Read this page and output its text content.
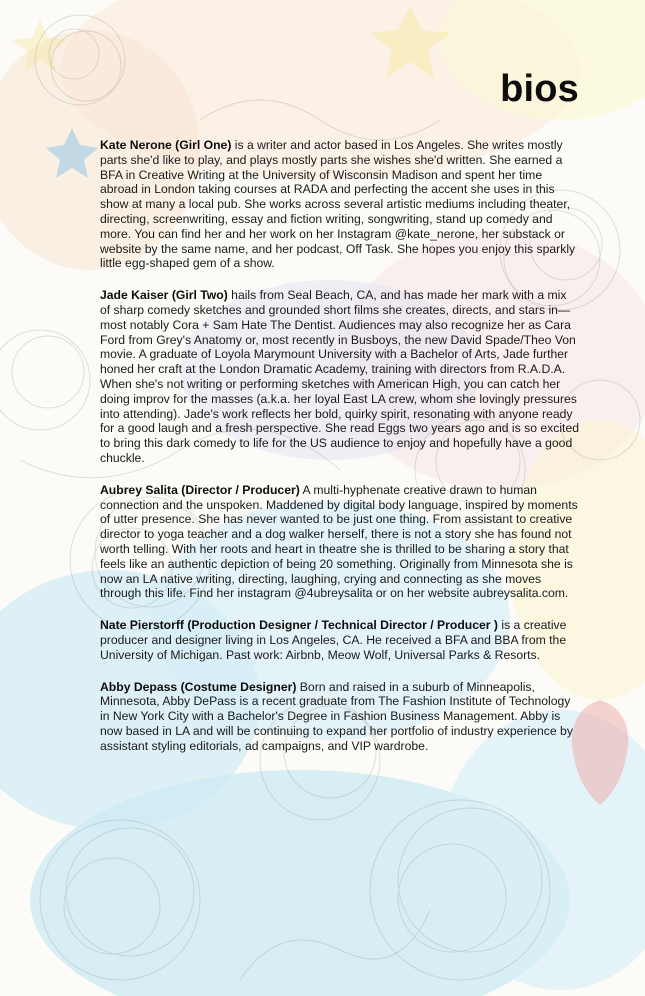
bios

Kate Nerone (Girl One) is a writer and actor based in Los Angeles. She writes mostly parts she'd like to play, and plays mostly parts she wishes she'd written. She earned a BFA in Creative Writing at the University of Wisconsin Madison and spent her time abroad in London taking courses at RADA and perfecting the accent she uses in this show at many a local pub. She works across several artistic mediums including theater, directing, screenwriting, essay and fiction writing, songwriting, stand up comedy and more. You can find her and her work on her Instagram @kate_nerone, her substack or website by the same name, and her podcast, Off Task. She hopes you enjoy this sparkly little egg-shaped gem of a show.

Jade Kaiser (Girl Two) hails from Seal Beach, CA, and has made her mark with a mix of sharp comedy sketches and grounded short films she creates, directs, and stars in—most notably Cora + Sam Hate The Dentist. Audiences may also recognize her as Cara Ford from Grey's Anatomy or, most recently in Busboys, the new David Spade/Theo Von movie. A graduate of Loyola Marymount University with a Bachelor of Arts, Jade further honed her craft at the London Dramatic Academy, training with directors from R.A.D.A. When she's not writing or performing sketches with American High, you can catch her doing improv for the masses (a.k.a. her loyal East LA crew, whom she lovingly pressures into attending). Jade's work reflects her bold, quirky spirit, resonating with anyone ready for a good laugh and a fresh perspective. She read Eggs two years ago and is so excited to bring this dark comedy to life for the US audience to enjoy and hopefully have a good chuckle.

Aubrey Salita (Director / Producer) A multi-hyphenate creative drawn to human connection and the unspoken. Maddened by digital body language, inspired by moments of utter presence. She has never wanted to be just one thing. From assistant to creative director to yoga teacher and a dog walker herself, there is not a story she has found not worth telling. With her roots and heart in theatre she is thrilled to be sharing a story that feels like an authentic depiction of being 20 something. Originally from Minnesota she is now an LA native writing, directing, laughing, crying and connecting as she moves through this life. Find her instagram @4ubreysalita or on her website aubreysalita.com.

Nate Pierstorff (Production Designer / Technical Director / Producer ) is a creative producer and designer living in Los Angeles, CA. He received a BFA and BBA from the University of Michigan. Past work: Airbnb, Meow Wolf, Universal Parks & Resorts.

Abby Depass (Costume Designer) Born and raised in a suburb of Minneapolis, Minnesota, Abby DePass is a recent graduate from The Fashion Institute of Technology in New York City with a Bachelor's Degree in Fashion Business Management. Abby is now based in LA and will be continuing to expand her portfolio of industry experience by assistant styling editorials, ad campaigns, and VIP wardrobe.
